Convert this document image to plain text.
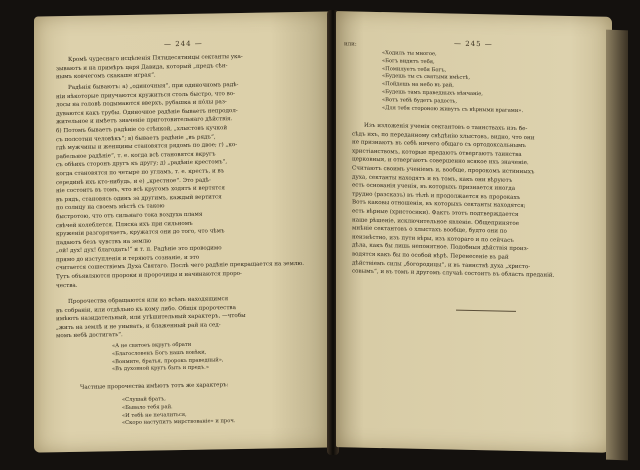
— 244 —
Кромѣ чудеснаго исцѣленія Пятидесятницы сектанты ука-
зываютъ и на примѣръ царя Давида, который „предъ сѣн-
нымъ ковчегомъ скакаше играя“.
Радѣнія бываютъ: а) „одиночныя“, при одиночномъ радѣ-
ніи нѣкоторые приучаются кружиться столь быстро, что во-
лосы на головѣ подымаются вверхъ, рубашка и пóлы раз-
дуваются какъ трубы. Одиночное радѣніе бываетъ непродол-
жительное и имѣетъ значеніе приготовительнаго дѣйствія.
б) Потомъ бываетъ радѣніе со стѣнкой, „хлыстовъ кучкой
съ полсотни человѣкъ“; в) бываетъ радѣніе „въ рядъ“,
гдѣ мужчины и женщины становятся рядомъ по двое; г) „ко-
рабельное радѣніе“, т. е. когда всѣ становятся вкругъ
съ обѣихъ сторонъ другъ къ другу; д) „радѣніе крестомъ“,
когда становятся по четыре по угламъ, т. е. крестъ, и въ
серединѣ ихъ кто-нибудь, и е) „крестное“. Это радѣ-
ніе состоитъ въ томъ, что всѣ кругомъ ходятъ и вертятся
въ рядъ, становясь одинъ за другимъ, каждый вертится
по солнцу на своемъ мѣстѣ съ такою
быстротою, что отъ сильнаго тока воздуха пламя
свѣчей колеблется. Пляска ихъ при сильномъ
круженіи разгорячаетъ, кружатся они до того, что чѣмъ
падаютъ безъ чувствъ на землю
„ой! дух! дух! благодать!“ и т. п. Радѣніе это проводимо
прямо до изступленія и теряютъ сознаніе, и это
считается сошествіемъ Духа Святаго. Послѣ чего радѣніе прекращается на землю.
Тутъ объявляются пророки и пророчицы и начинаются проро-
чества.
Пророчества обращаются или ко всѣмъ находящимся
въ собраніи, или отдѣльно къ кому либо. Общія пророчества
имѣютъ назидательный, или утѣшительный характеръ, —чтобы
„жить на землѣ и не унывать, и блаженный рай на сед-
момъ небѣ достигать“.
«А не святоеъ вкругъ обрати
«Благословенъ Богъ нашъ вовѣки,
«Вонмите, братья, пророкъ праведный»,
«Въ духовной кругъ быть и предъ.»
Частные пророчества имѣютъ тотъ же характеръ:
«Слушай братъ,
«Бывало тебя рай.
«И тебѣ не печалиться,
«Скоро наступитъ мирствованіе» и проч.
или:	— 245 —
«Ходилъ ты многое,
«Богъ видитъ тебя,
«Помилуетъ тебя Богъ,
«Будешь ты съ святыми вмѣстѣ,
«Пойдешь на небо въ рай,
«Будешь тамъ праведныхъ вѣнчаніе,
«Вотъ тебѣ будетъ радость,
«Для тебя стороною живутъ съ вѣрными врагами».
Изъ изложенія ученія сектантовъ о таинствахъ изъ бе-
сѣдъ ихъ, по переданному свѣдѣнію хлыстовъ, видно, что они
не признаютъ въ себѣ ничего общаго съ ортодоксальнымъ
христіанствомъ, которые предаютъ отвергаютъ таинства
церковныя, и отвергаютъ совершенно всякое ихъ значеніе.
Считаютъ своимъ ученіемъ и, вообще, пророкомъ истинныхъ
духа, сектанты находятъ и въ томъ, какъ они вѣруютъ
есть основанія ученія, въ которыхъ признается иногда
трудно (разсказъ) въ тѣлѣ и продолжается въ пророкахъ
Вотъ каковы отношенія, въ которыхъ сектанты находятся;
есть вѣрные (христосики). Фактъ этотъ подтверждается
наше рѣшеніе, исключительное явленіе. Общепринятое
мнѣніе сектантовъ о хлыстахъ вообще, будто они по
неизвѣстно, изъ пути вѣры, изъ котораго и по сейчасъ
дѣла, какъ бы лишь непонятное. Подобныя дѣйствія произ-
водятся какъ бы по особой вѣрѣ. Перенесеніе въ рай
дѣйствіемъ силы „богородицы“, и въ таинствѣ духа „христо-
совымъ“, и въ томъ и другомъ случаѣ состоитъ въ область преданій.
